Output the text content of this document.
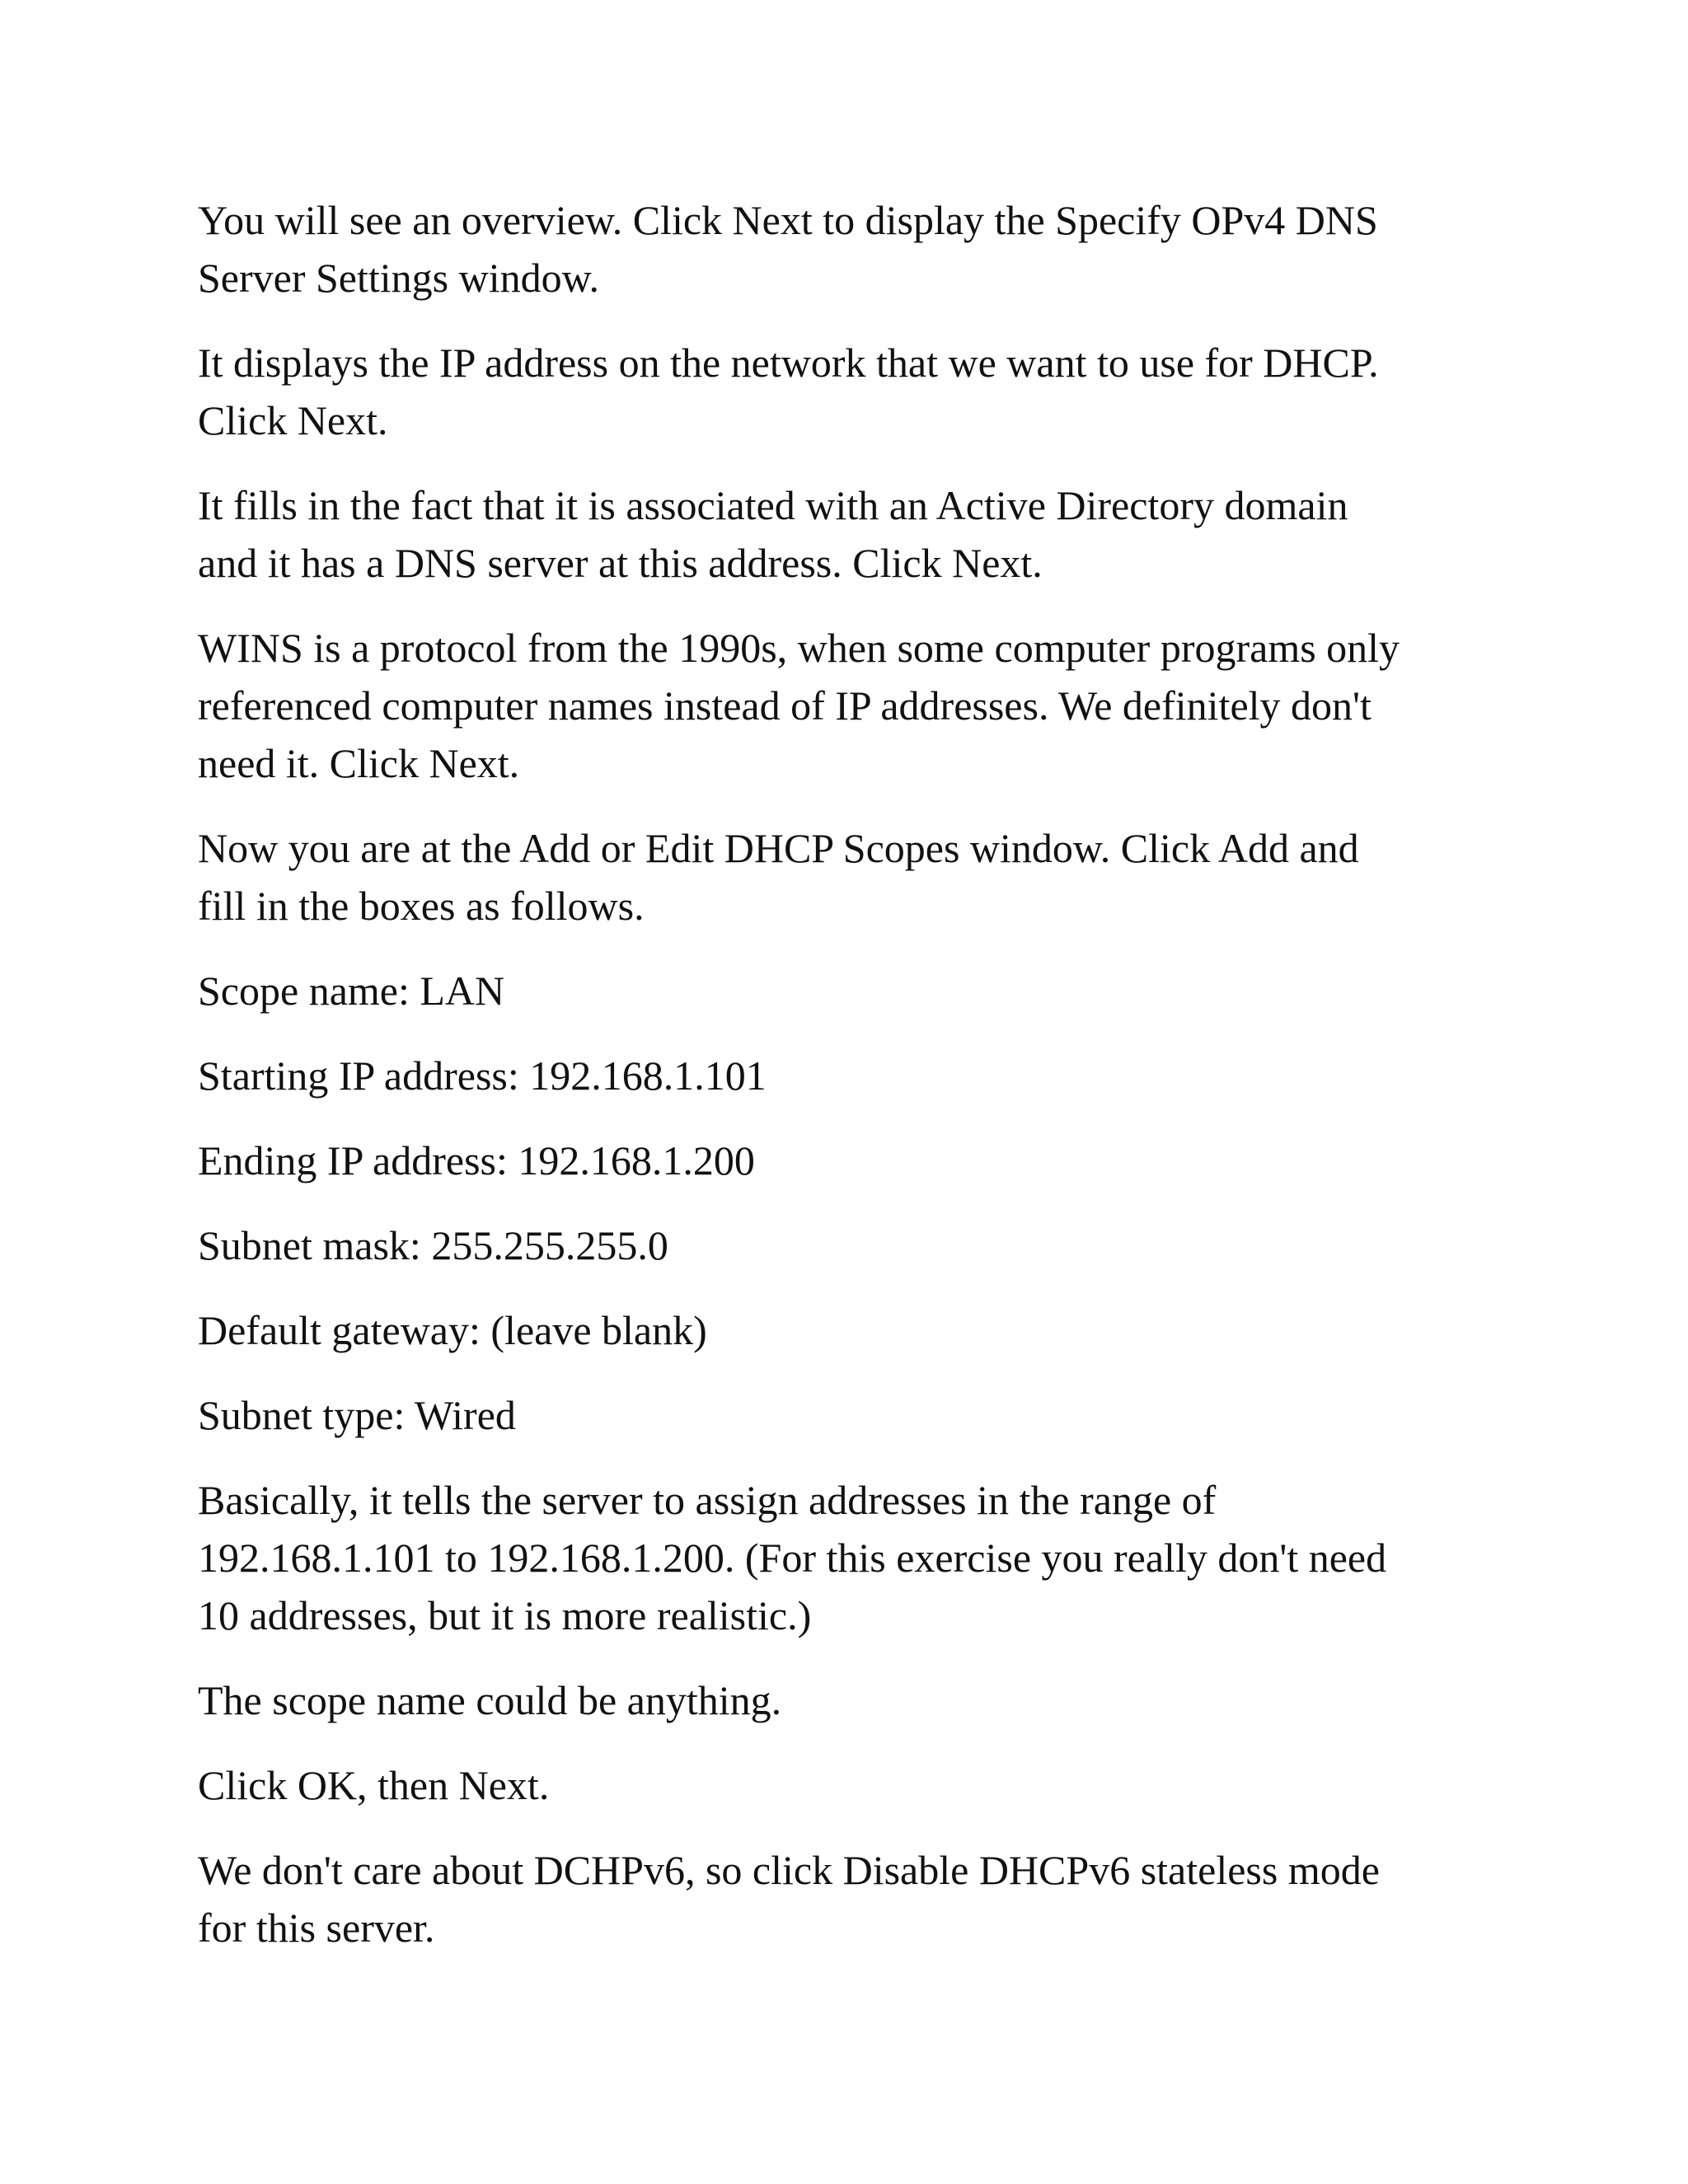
You will see an overview. Click Next to display the Specify OPv4 DNS
Server Settings window.

It displays the IP address on the network that we want to use for DHCP.
Click Next.

It fills in the fact that it is associated with an Active Directory domain
and it has a DNS server at this address. Click Next.

WINS is a protocol from the 1990s, when some computer programs only
referenced computer names instead of IP addresses. We definitely don't
need it. Click Next.

Now you are at the Add or Edit DHCP Scopes window. Click Add and
fill in the boxes as follows.

Scope name: LAN

Starting IP address: 192.168.1.101

Ending IP address: 192.168.1.200

Subnet mask: 255.255.255.0

Default gateway: (leave blank)

Subnet type: Wired

Basically, it tells the server to assign addresses in the range of
192.168.1.101 to 192.168.1.200. (For this exercise you really don't need
10 addresses, but it is more realistic.)

The scope name could be anything.

Click OK, then Next.

We don't care about DCHPv6, so click Disable DHCPv6 stateless mode
for this server.
